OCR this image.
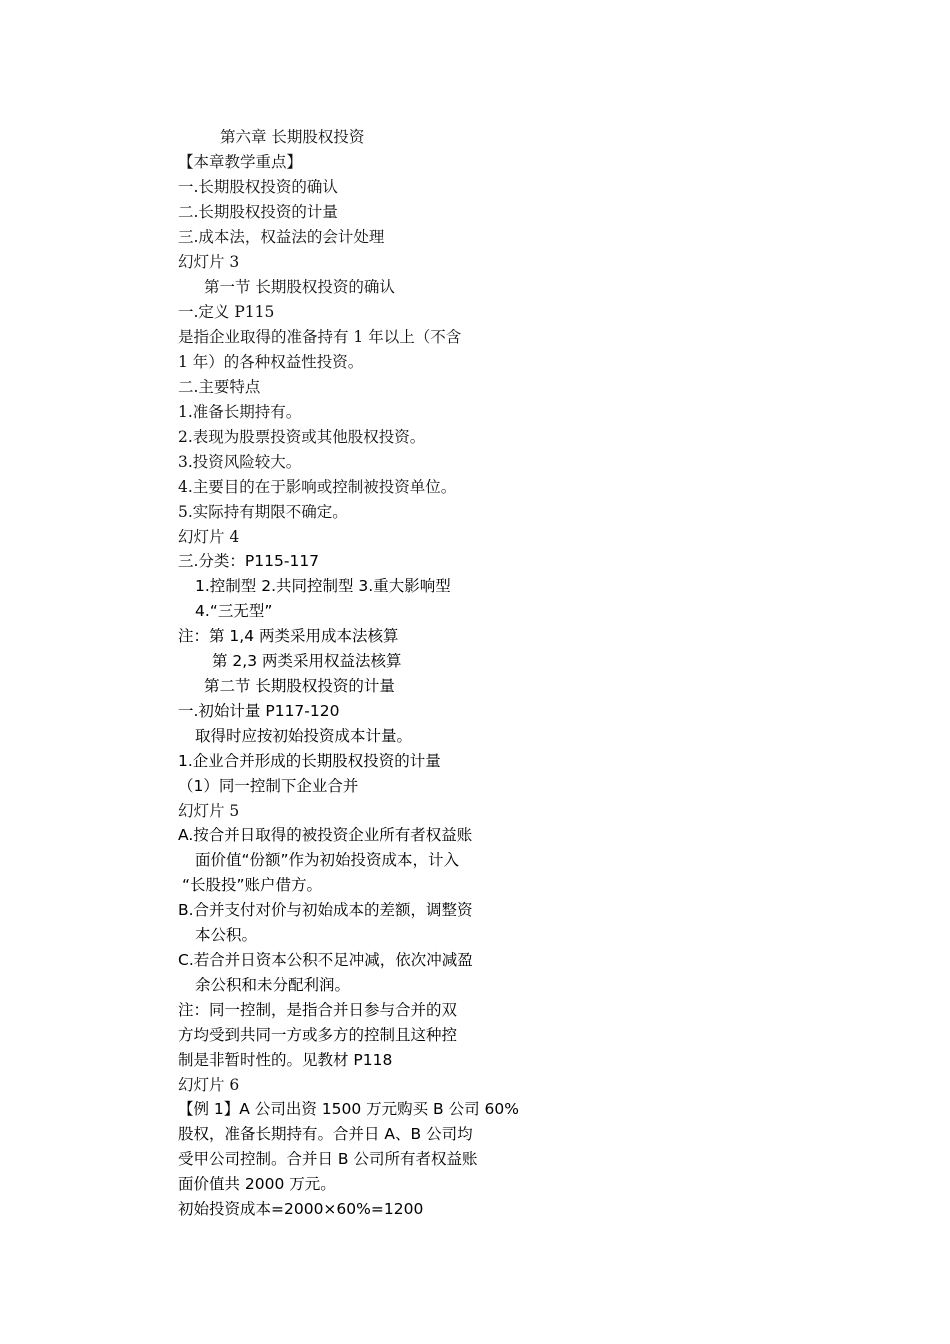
第六章 长期股权投资
【本章教学重点】
一.长期股权投资的确认
二.长期股权投资的计量
三.成本法，权益法的会计处理
幻灯片 3
第一节 长期股权投资的确认
一.定义 P115
是指企业取得的准备持有 1 年以上（不含
1 年）的各种权益性投资。
二.主要特点
1.准备长期持有。
2.表现为股票投资或其他股权投资。
3.投资风险较大。
4.主要目的在于影响或控制被投资单位。
5.实际持有期限不确定。
幻灯片 4
三.分类：P115-117
1.控制型 2.共同控制型 3.重大影响型
4.“三无型”
注：第 1,4 两类采用成本法核算
第 2,3 两类采用权益法核算
第二节 长期股权投资的计量
一.初始计量 P117-120
取得时应按初始投资成本计量。
1.企业合并形成的长期股权投资的计量
（1）同一控制下企业合并
幻灯片 5
A.按合并日取得的被投资企业所有者权益账
面价值“份额”作为初始投资成本，计入
“长股投”账户借方。
B.合并支付对价与初始成本的差额，调整资
本公积。
C.若合并日资本公积不足冲减，依次冲减盈
余公积和未分配利润。
注：同一控制，是指合并日参与合并的双
方均受到共同一方或多方的控制且这种控
制是非暂时性的。见教材 P118
幻灯片 6
【例 1】A 公司出资 1500 万元购买 B 公司 60%
股权，准备长期持有。合并日 A、B 公司均
受甲公司控制。合并日 B 公司所有者权益账
面价值共 2000 万元。
初始投资成本=2000×60%=1200
